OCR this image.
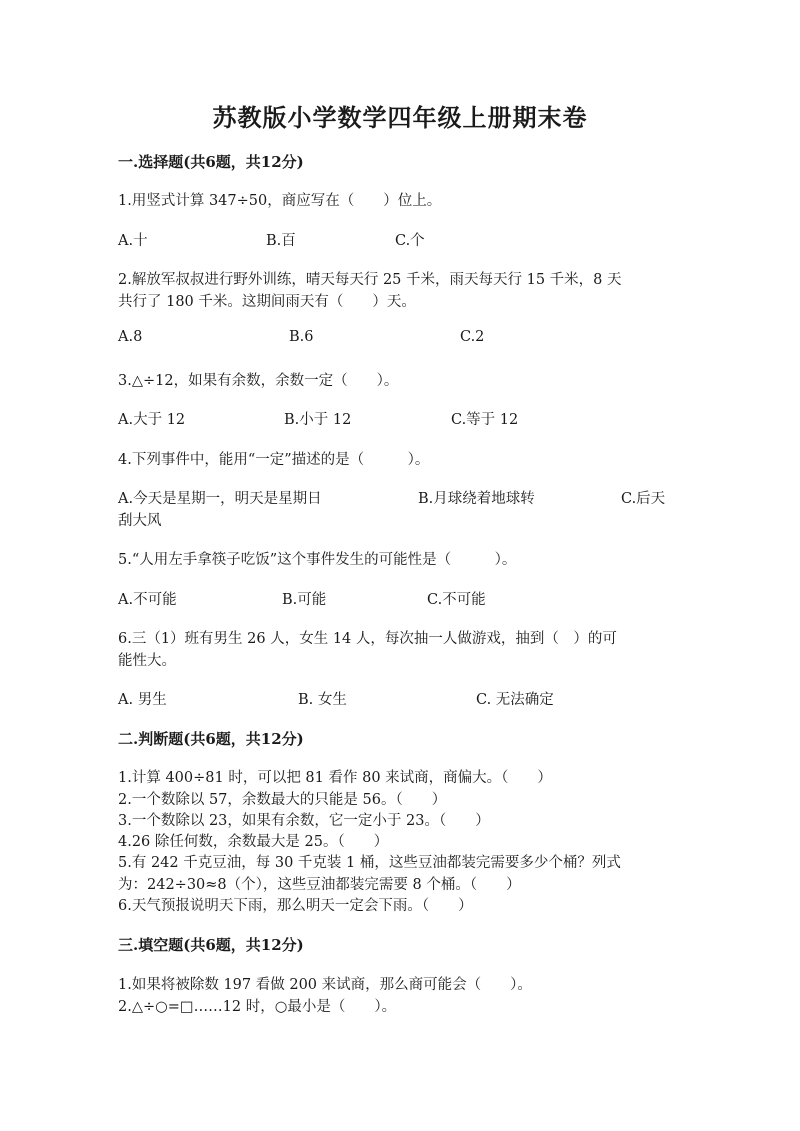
苏教版小学数学四年级上册期末卷
一.选择题(共6题，共12分)
1.用竖式计算 347÷50，商应写在（　　）位上。
A.十	B.百	C.个
2.解放军叔叔进行野外训练，晴天每天行 25 千米，雨天每天行 15 千米，8 天
共行了 180 千米。这期间雨天有（　　）天。
A.8	B.6	C.2
3.△÷12，如果有余数，余数一定（　　）。
A.大于 12	B.小于 12	C.等于 12
4.下列事件中，能用“一定”描述的是（　　　）。
A.今天是星期一，明天是星期日	B.月球绕着地球转	C.后天
刮大风
5.“人用左手拿筷子吃饭”这个事件发生的可能性是（　　　）。
A.不可能	B.可能	C.不可能
6.三（1）班有男生 26 人，女生 14 人，每次抽一人做游戏，抽到（　）的可
能性大。
A. 男生	B. 女生	C. 无法确定
二.判断题(共6题，共12分)
1.计算 400÷81 时，可以把 81 看作 80 来试商，商偏大。（　　）
2.一个数除以 57，余数最大的只能是 56。（　　）
3.一个数除以 23，如果有余数，它一定小于 23。（　　）
4.26 除任何数，余数最大是 25。（　　）
5.有 242 千克豆油，每 30 千克装 1 桶，这些豆油都装完需要多少个桶？列式
为：242÷30≈8（个），这些豆油都装完需要 8 个桶。（　　）
6.天气预报说明天下雨，那么明天一定会下雨。（　　）
三.填空题(共6题，共12分)
1.如果将被除数 197 看做 200 来试商，那么商可能会（　　）。
2.△÷○=□……12 时，○最小是（　　）。
